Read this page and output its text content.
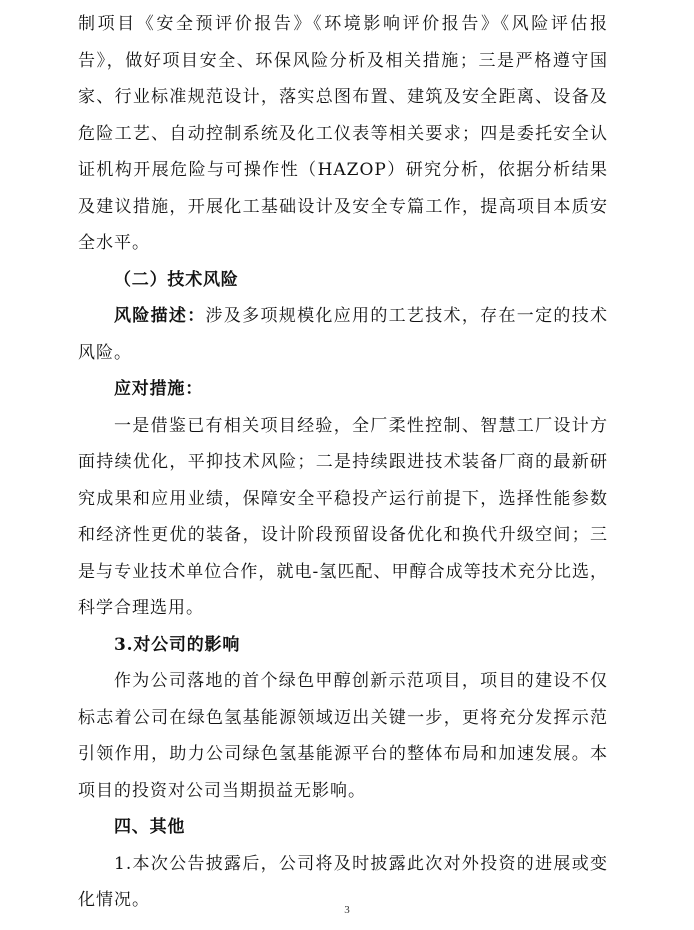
制项目《安全预评价报告》《环境影响评价报告》《风险评估报告》，做好项目安全、环保风险分析及相关措施；三是严格遵守国家、行业标准规范设计，落实总图布置、建筑及安全距离、设备及危险工艺、自动控制系统及化工仪表等相关要求；四是委托安全认证机构开展危险与可操作性（HAZOP）研究分析，依据分析结果及建议措施，开展化工基础设计及安全专篇工作，提高项目本质安全水平。

（二）技术风险

风险描述：涉及多项规模化应用的工艺技术，存在一定的技术风险。

应对措施：

一是借鉴已有相关项目经验，全厂柔性控制、智慧工厂设计方面持续优化，平抑技术风险；二是持续跟进技术装备厂商的最新研究成果和应用业绩，保障安全平稳投产运行前提下，选择性能参数和经济性更优的装备，设计阶段预留设备优化和换代升级空间；三是与专业技术单位合作，就电-氢匹配、甲醇合成等技术充分比选，科学合理选用。

3.对公司的影响

作为公司落地的首个绿色甲醇创新示范项目，项目的建设不仅标志着公司在绿色氢基能源领域迈出关键一步，更将充分发挥示范引领作用，助力公司绿色氢基能源平台的整体布局和加速发展。本项目的投资对公司当期损益无影响。

四、其他

1.本次公告披露后，公司将及时披露此次对外投资的进展或变化情况。	3
